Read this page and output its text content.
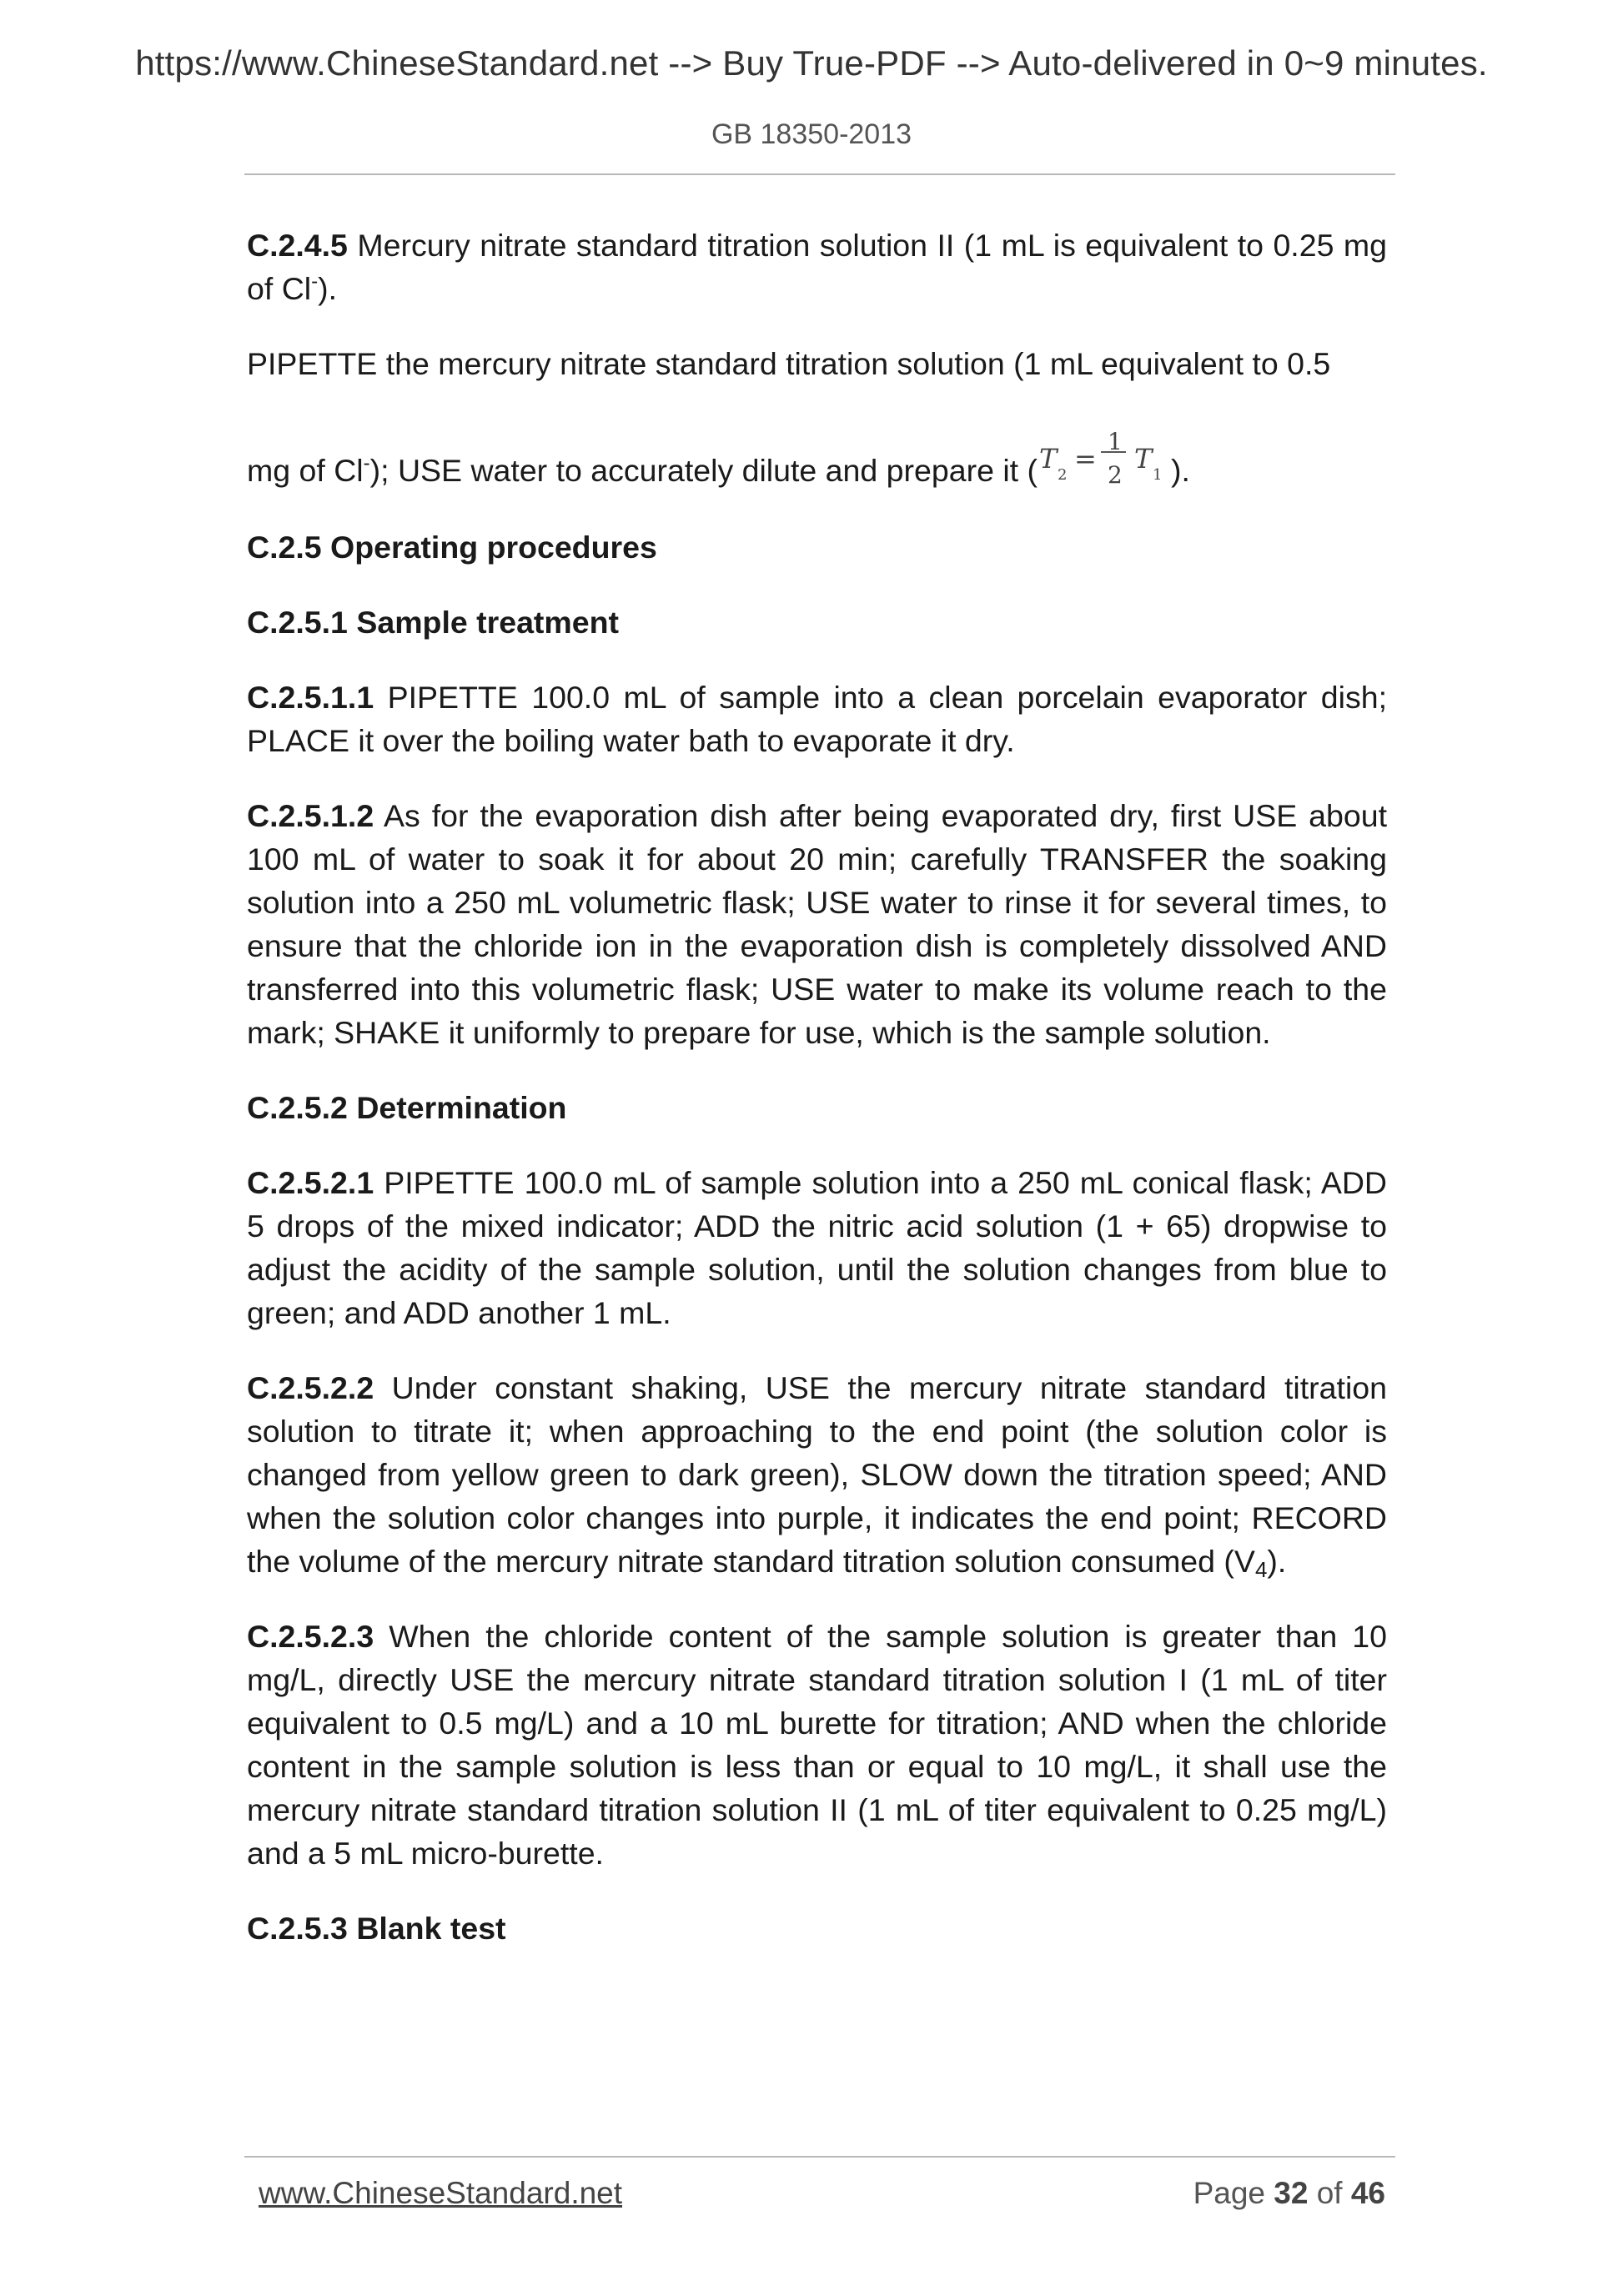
https://www.ChineseStandard.net --> Buy True-PDF --> Auto-delivered in 0~9 minutes.
GB 18350-2013

C.2.4.5 Mercury nitrate standard titration solution II (1 mL is equivalent to 0.25 mg of Cl-).

PIPETTE the mercury nitrate standard titration solution (1 mL equivalent to 0.5

mg of Cl-); USE water to accurately dilute and prepare it ( T
2
=
1
2
T
1 ).

C.2.5 Operating procedures

C.2.5.1 Sample treatment

C.2.5.1.1 PIPETTE 100.0 mL of sample into a clean porcelain evaporator dish; PLACE it over the boiling water bath to evaporate it dry.

C.2.5.1.2 As for the evaporation dish after being evaporated dry, first USE about 100 mL of water to soak it for about 20 min; carefully TRANSFER the soaking solution into a 250 mL volumetric flask; USE water to rinse it for several times, to ensure that the chloride ion in the evaporation dish is completely dissolved AND transferred into this volumetric flask; USE water to make its volume reach to the mark; SHAKE it uniformly to prepare for use, which is the sample solution.

C.2.5.2 Determination

C.2.5.2.1 PIPETTE 100.0 mL of sample solution into a 250 mL conical flask; ADD 5 drops of the mixed indicator; ADD the nitric acid solution (1 + 65) dropwise to adjust the acidity of the sample solution, until the solution changes from blue to green; and ADD another 1 mL.

C.2.5.2.2 Under constant shaking, USE the mercury nitrate standard titration solution to titrate it; when approaching to the end point (the solution color is changed from yellow green to dark green), SLOW down the titration speed; AND when the solution color changes into purple, it indicates the end point; RECORD the volume of the mercury nitrate standard titration solution consumed $(V_4)$.

C.2.5.2.3 When the chloride content of the sample solution is greater than 10 mg/L, directly USE the mercury nitrate standard titration solution I (1 mL of titer equivalent to 0.5 mg/L) and a 10 mL burette for titration; AND when the chloride content in the sample solution is less than or equal to 10 mg/L, it shall use the mercury nitrate standard titration solution II (1 mL of titer equivalent to 0.25 mg/L) and a 5 mL micro-burette.

C.2.5.3 Blank test

www.ChineseStandard.net	Page 32 of 46
